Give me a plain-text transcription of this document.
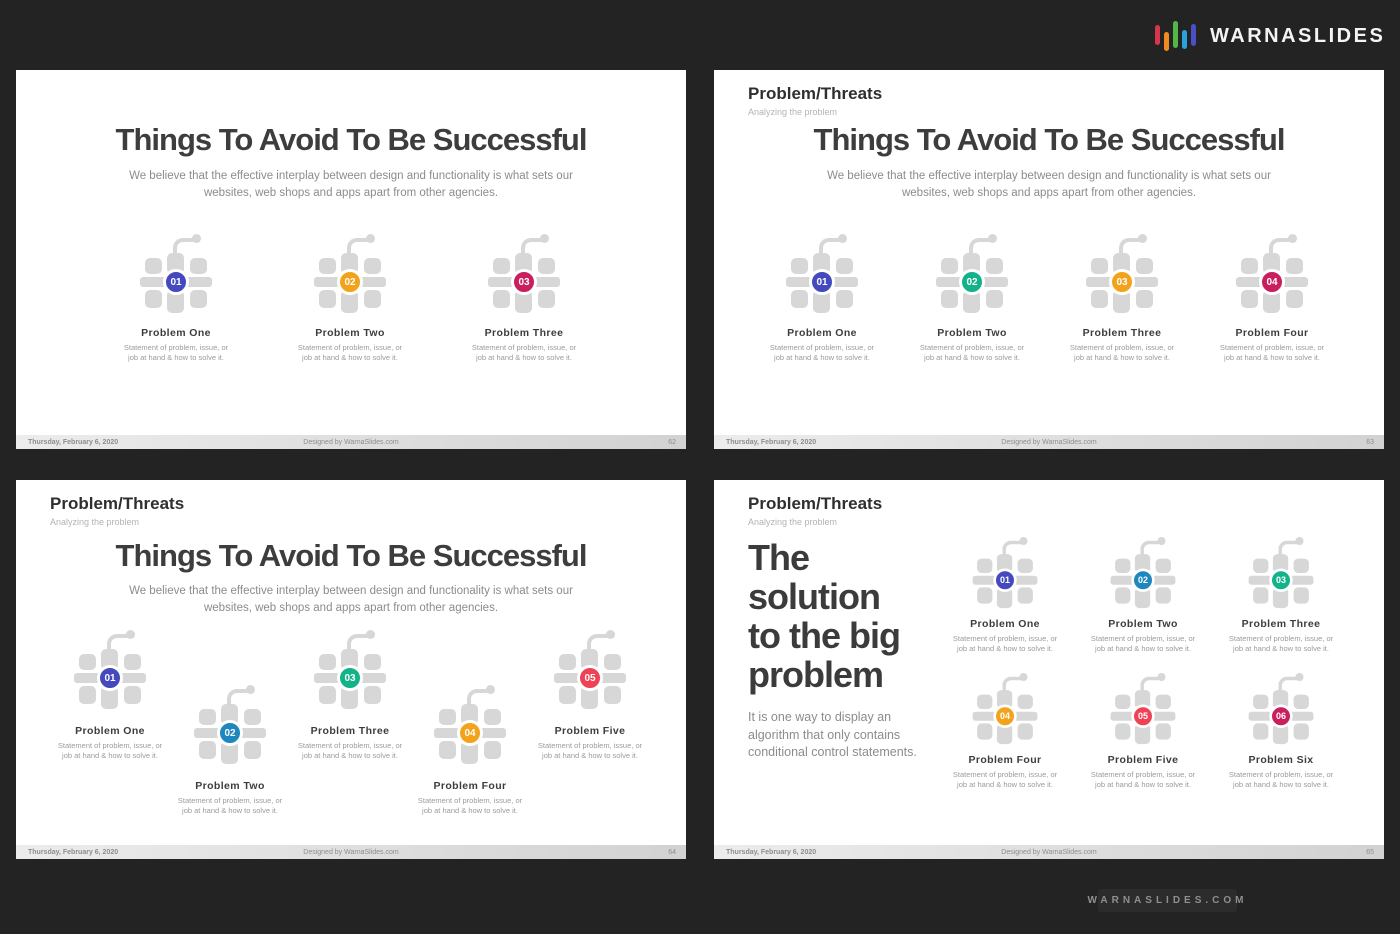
WARNASLIDES
Things To Avoid To Be Successful
We believe that the effective interplay between design and functionality is what sets our
websites, web shops and apps apart from other agencies.
01
Problem One
Statement of problem, issue, or
job at hand & how to solve it.
02
Problem Two
Statement of problem, issue, or
job at hand & how to solve it.
03
Problem Three
Statement of problem, issue, or
job at hand & how to solve it.
Thursday, February 6, 2020	Designed by WarnaSlides.com	62
Problem/Threats
Analyzing the problem
Things To Avoid To Be Successful
We believe that the effective interplay between design and functionality is what sets our
websites, web shops and apps apart from other agencies.
01
Problem One
Statement of problem, issue, or
job at hand & how to solve it.
02
Problem Two
Statement of problem, issue, or
job at hand & how to solve it.
03
Problem Three
Statement of problem, issue, or
job at hand & how to solve it.
04
Problem Four
Statement of problem, issue, or
job at hand & how to solve it.
Thursday, February 6, 2020	Designed by WarnaSlides.com	63
Problem/Threats
Analyzing the problem
Things To Avoid To Be Successful
We believe that the effective interplay between design and functionality is what sets our
websites, web shops and apps apart from other agencies.
01
Problem One
Statement of problem, issue, or
job at hand & how to solve it.
02
Problem Two
Statement of problem, issue, or
job at hand & how to solve it.
03
Problem Three
Statement of problem, issue, or
job at hand & how to solve it.
04
Problem Four
Statement of problem, issue, or
job at hand & how to solve it.
05
Problem Five
Statement of problem, issue, or
job at hand & how to solve it.
Thursday, February 6, 2020	Designed by WarnaSlides.com	64
Problem/Threats
Analyzing the problem
The
solution
to the big
problem
It is one way to display an algorithm that only contains conditional control statements.
01
Problem One
Statement of problem, issue, or
job at hand & how to solve it.
02
Problem Two
Statement of problem, issue, or
job at hand & how to solve it.
03
Problem Three
Statement of problem, issue, or
job at hand & how to solve it.
04
Problem Four
Statement of problem, issue, or
job at hand & how to solve it.
05
Problem Five
Statement of problem, issue, or
job at hand & how to solve it.
06
Problem Six
Statement of problem, issue, or
job at hand & how to solve it.
Thursday, February 6, 2020	Designed by WarnaSlides.com	65
WARNASLIDES.COM
